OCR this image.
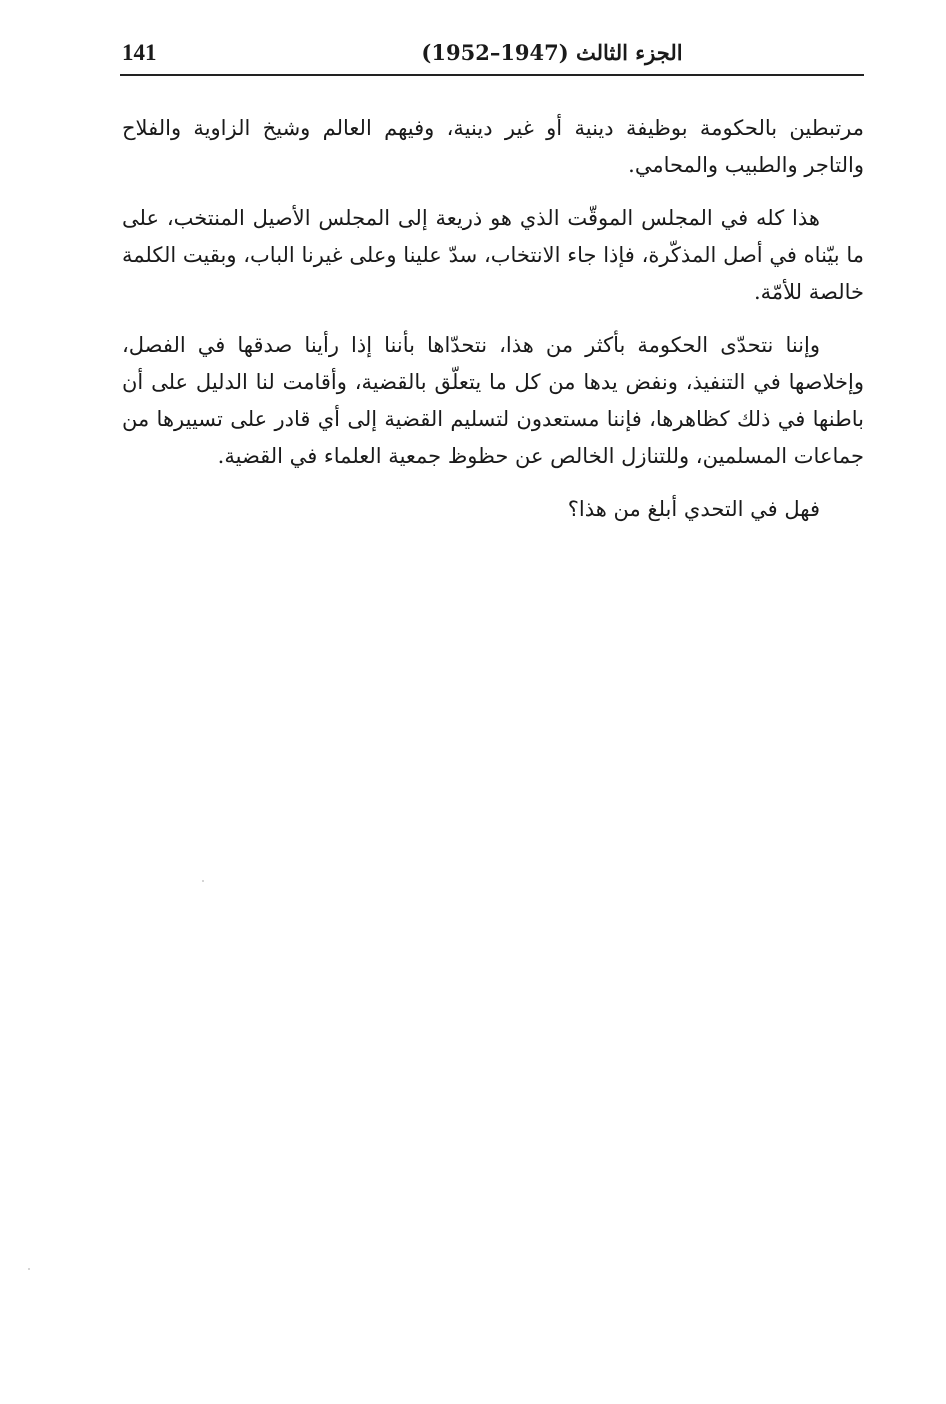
141	الجزء الثالث (1947–1952)

مرتبطين بالحكومة بوظيفة دينية أو غير دينية، وفيهم العالم وشيخ الزاوية والفلاح والتاجر والطبيب والمحامي.

هذا كله في المجلس الموقّت الذي هو ذريعة إلى المجلس الأصيل المنتخب، على ما بيّناه في أصل المذكّرة، فإذا جاء الانتخاب، سدّ علينا وعلى غيرنا الباب، وبقيت الكلمة خالصة للأمّة.

وإننا نتحدّى الحكومة بأكثر من هذا، نتحدّاها بأننا إذا رأينا صدقها في الفصل، وإخلاصها في التنفيذ، ونفض يدها من كل ما يتعلّق بالقضية، وأقامت لنا الدليل على أن باطنها في ذلك كظاهرها، فإننا مستعدون لتسليم القضية إلى أي قادر على تسييرها من جماعات المسلمين، وللتنازل الخالص عن حظوظ جمعية العلماء في القضية.

فهل في التحدي أبلغ من هذا؟
